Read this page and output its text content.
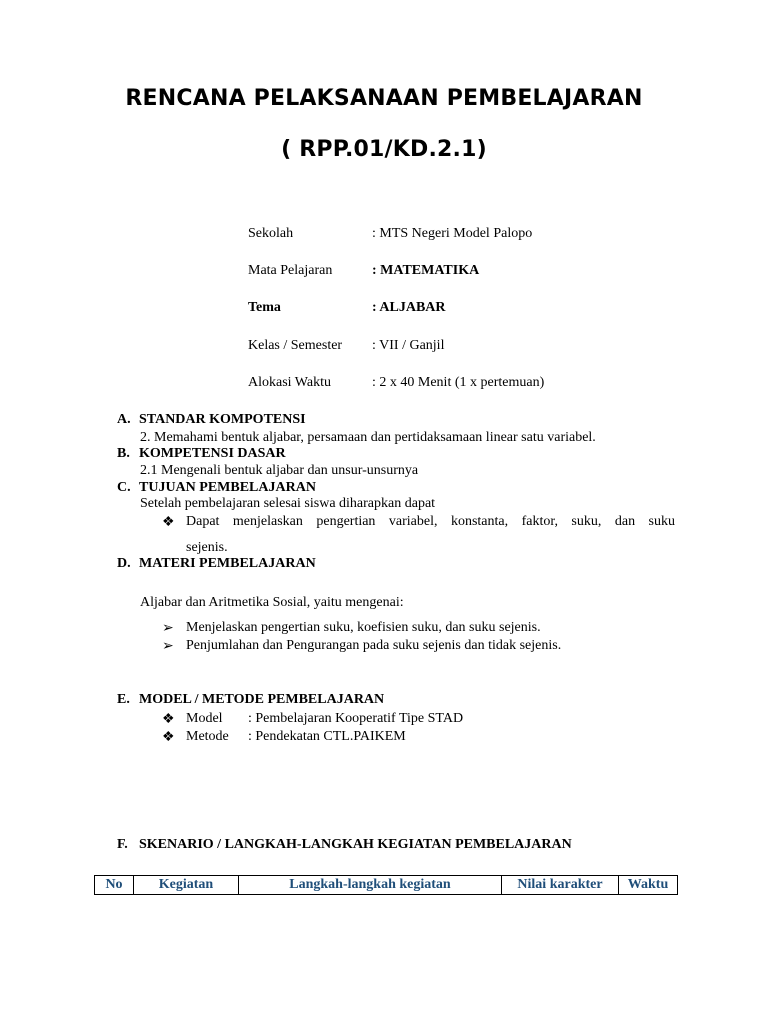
RENCANA PELAKSANAAN PEMBELAJARAN
( RPP.01/KD.2.1)
Sekolah	: MTS Negeri Model Palopo
Mata Pelajaran	: MATEMATIKA
Tema	: ALJABAR
Kelas / Semester : VII / Ganjil
Alokasi Waktu	: 2 x 40 Menit (1 x pertemuan)
A. STANDAR KOMPOTENSI
2. Memahami bentuk aljabar, persamaan dan pertidaksamaan linear satu variabel.
B. KOMPETENSI DASAR
2.1 Mengenali bentuk aljabar dan unsur-unsurnya
C. TUJUAN PEMBELAJARAN
Setelah pembelajaran selesai siswa diharapkan dapat
❖ Dapat menjelaskan pengertian variabel, konstanta, faktor, suku, dan suku
sejenis.
D. MATERI PEMBELAJARAN
Aljabar dan Aritmetika Sosial, yaitu mengenai:
➢ Menjelaskan pengertian suku, koefisien suku, dan suku sejenis.
➢ Penjumlahan dan Pengurangan pada suku sejenis dan tidak sejenis.
E. MODEL / METODE PEMBELAJARAN
❖ Model : Pembelajaran Kooperatif Tipe STAD
❖ Metode : Pendekatan CTL.PAIKEM
F. SKENARIO / LANGKAH-LANGKAH KEGIATAN PEMBELAJARAN
No	Kegiatan	Langkah-langkah kegiatan	Nilai karakter	Waktu
